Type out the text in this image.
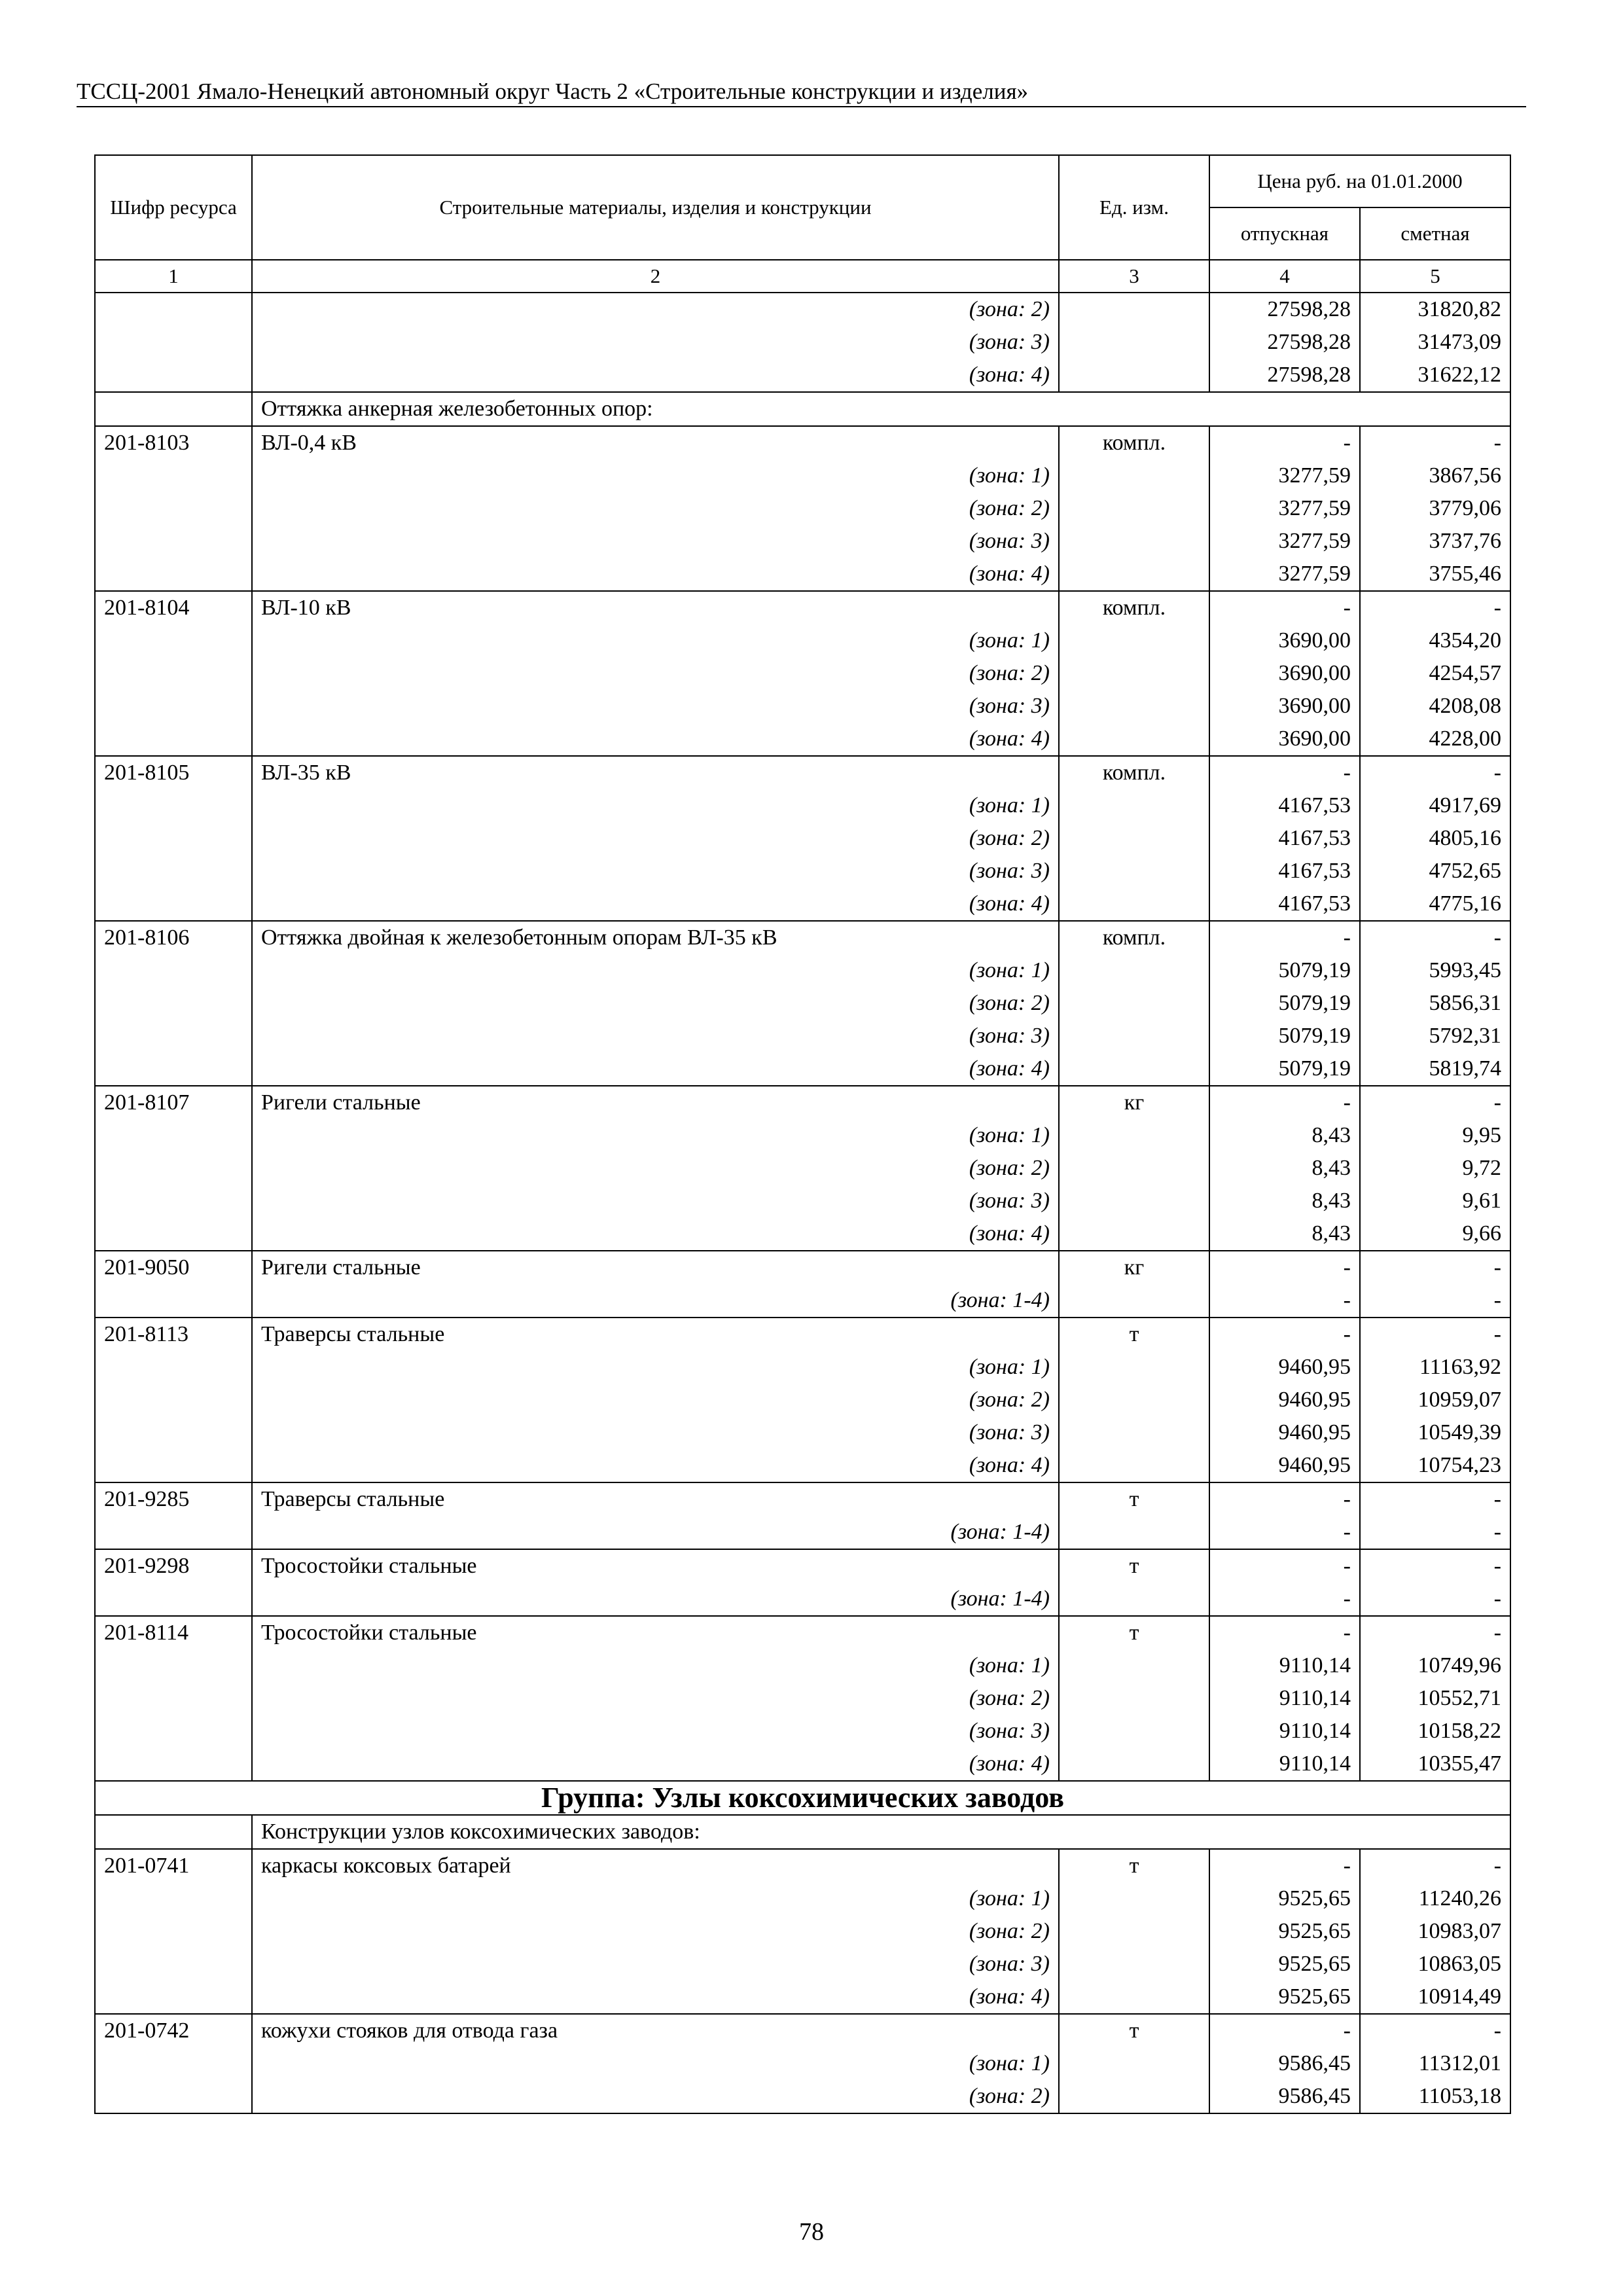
ТССЦ-2001 Ямало-Ненецкий автономный округ Часть 2 «Строительные конструкции и изделия»
Шифр ресурса	Строительные материалы, изделия и конструкции	Ед. изм.	Цена руб. на 01.01.2000	
			отпускная	сметная
1	2	3	4	5
	(зона: 2)		27598,28	31820,82
	(зона: 3)		27598,28	31473,09
	(зона: 4)		27598,28	31622,12
	Оттяжка анкерная железобетонных опор:			
201-8103	ВЛ-0,4 кВ	компл.	-	-
	(зона: 1)		3277,59	3867,56
	(зона: 2)		3277,59	3779,06
	(зона: 3)		3277,59	3737,76
	(зона: 4)		3277,59	3755,46
201-8104	ВЛ-10 кВ	компл.	-	-
	(зона: 1)		3690,00	4354,20
	(зона: 2)		3690,00	4254,57
	(зона: 3)		3690,00	4208,08
	(зона: 4)		3690,00	4228,00
201-8105	ВЛ-35 кВ	компл.	-	-
	(зона: 1)		4167,53	4917,69
	(зона: 2)		4167,53	4805,16
	(зона: 3)		4167,53	4752,65
	(зона: 4)		4167,53	4775,16
201-8106	Оттяжка двойная к железобетонным опорам ВЛ-35 кВ	компл.	-	-
	(зона: 1)		5079,19	5993,45
	(зона: 2)		5079,19	5856,31
	(зона: 3)		5079,19	5792,31
	(зона: 4)		5079,19	5819,74
201-8107	Ригели стальные	кг	-	-
	(зона: 1)		8,43	9,95
	(зона: 2)		8,43	9,72
	(зона: 3)		8,43	9,61
	(зона: 4)		8,43	9,66
201-9050	Ригели стальные	кг	-	-
	(зона: 1-4)		-	-
201-8113	Траверсы стальные	т	-	-
	(зона: 1)		9460,95	11163,92
	(зона: 2)		9460,95	10959,07
	(зона: 3)		9460,95	10549,39
	(зона: 4)		9460,95	10754,23
201-9285	Траверсы стальные	т	-	-
	(зона: 1-4)		-	-
201-9298	Тросостойки стальные	т	-	-
	(зона: 1-4)		-	-
201-8114	Тросостойки стальные	т	-	-
	(зона: 1)		9110,14	10749,96
	(зона: 2)		9110,14	10552,71
	(зона: 3)		9110,14	10158,22
	(зона: 4)		9110,14	10355,47
Группа: Узлы коксохимических заводов				
	Конструкции узлов коксохимических заводов:			
201-0741	каркасы коксовых батарей	т	-	-
	(зона: 1)		9525,65	11240,26
	(зона: 2)		9525,65	10983,07
	(зона: 3)		9525,65	10863,05
	(зона: 4)		9525,65	10914,49
201-0742	кожухи стояков для отвода газа	т	-	-
	(зона: 1)		9586,45	11312,01
	(зона: 2)		9586,45	11053,18
78
